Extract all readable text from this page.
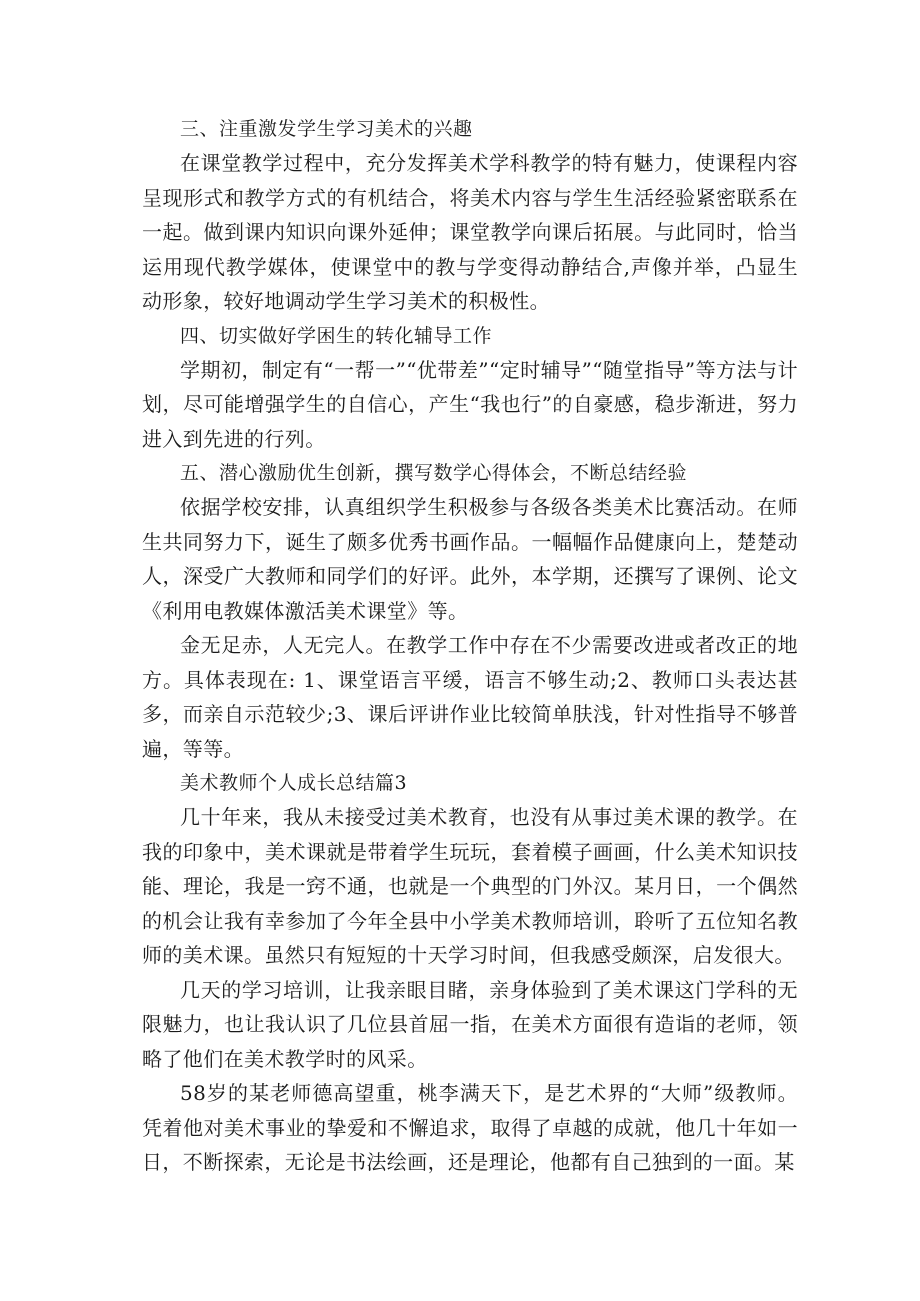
三、注重激发学生学习美术的兴趣

在课堂教学过程中，充分发挥美术学科教学的特有魅力，使课程内容呈现形式和教学方式的有机结合，将美术内容与学生生活经验紧密联系在一起。做到课内知识向课外延伸；课堂教学向课后拓展。与此同时，恰当运用现代教学媒体，使课堂中的教与学变得动静结合,声像并举，凸显生动形象，较好地调动学生学习美术的积极性。

四、切实做好学困生的转化辅导工作

学期初，制定有“一帮一”“优带差”“定时辅导”“随堂指导”等方法与计划，尽可能增强学生的自信心，产生“我也行”的自豪感，稳步渐进，努力进入到先进的行列。

五、潜心激励优生创新，撰写数学心得体会，不断总结经验

依据学校安排，认真组织学生积极参与各级各类美术比赛活动。在师生共同努力下，诞生了颇多优秀书画作品。一幅幅作品健康向上，楚楚动人，深受广大教师和同学们的好评。此外，本学期，还撰写了课例、论文《利用电教媒体激活美术课堂》等。

金无足赤，人无完人。在教学工作中存在不少需要改进或者改正的地方。具体表现在: 1、课堂语言平缓，语言不够生动;2、教师口头表达甚多，而亲自示范较少;3、课后评讲作业比较简单肤浅，针对性指导不够普遍，等等。

美术教师个人成长总结篇3

几十年来，我从未接受过美术教育，也没有从事过美术课的教学。在我的印象中，美术课就是带着学生玩玩，套着模子画画，什么美术知识技能、理论，我是一窍不通，也就是一个典型的门外汉。某月日，一个偶然的机会让我有幸参加了今年全县中小学美术教师培训，聆听了五位知名教师的美术课。虽然只有短短的十天学习时间，但我感受颇深，启发很大。

几天的学习培训，让我亲眼目睹，亲身体验到了美术课这门学科的无限魅力，也让我认识了几位县首屈一指，在美术方面很有造诣的老师，领略了他们在美术教学时的风采。

58岁的某老师德高望重，桃李满天下，是艺术界的“大师”级教师。凭着他对美术事业的挚爱和不懈追求，取得了卓越的成就，他几十年如一日，不断探索，无论是书法绘画，还是理论，他都有自己独到的一面。某
